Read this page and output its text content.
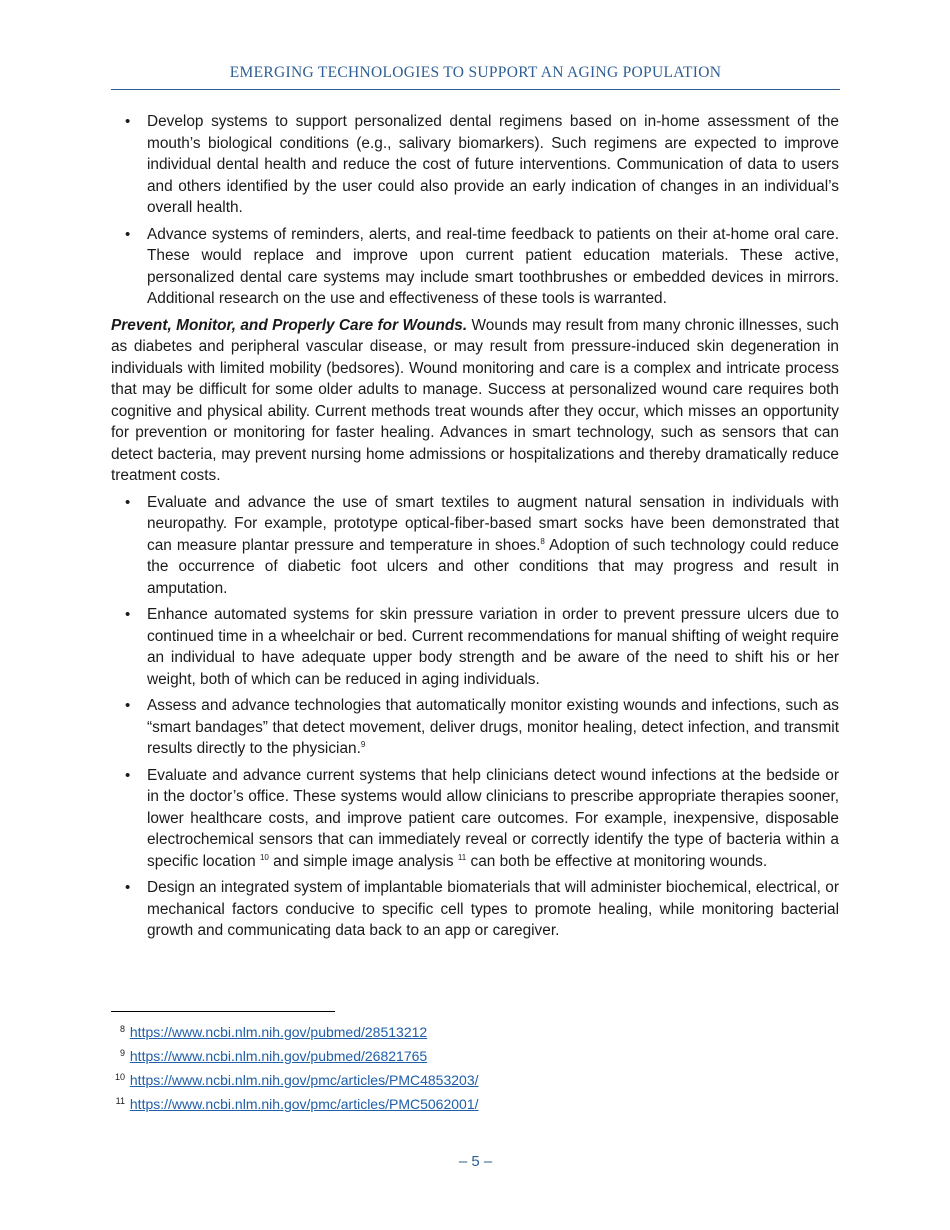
EMERGING TECHNOLOGIES TO SUPPORT AN AGING POPULATION
• Develop systems to support personalized dental regimens based on in-home assessment of the mouth’s biological conditions (e.g., salivary biomarkers). Such regimens are expected to improve individual dental health and reduce the cost of future interventions. Communication of data to users and others identified by the user could also provide an early indication of changes in an individual’s overall health.
• Advance systems of reminders, alerts, and real-time feedback to patients on their at-home oral care. These would replace and improve upon current patient education materials. These active, personalized dental care systems may include smart toothbrushes or embedded devices in mirrors. Additional research on the use and effectiveness of these tools is warranted.

Prevent, Monitor, and Properly Care for Wounds. Wounds may result from many chronic illnesses, such as diabetes and peripheral vascular disease, or may result from pressure-induced skin degeneration in individuals with limited mobility (bedsores). Wound monitoring and care is a complex and intricate process that may be difficult for some older adults to manage. Success at personalized wound care requires both cognitive and physical ability. Current methods treat wounds after they occur, which misses an opportunity for prevention or monitoring for faster healing. Advances in smart technology, such as sensors that can detect bacteria, may prevent nursing home admissions or hospitalizations and thereby dramatically reduce treatment costs.

• Evaluate and advance the use of smart textiles to augment natural sensation in individuals with neuropathy. For example, prototype optical-fiber-based smart socks have been demonstrated that can measure plantar pressure and temperature in shoes.$^8$ Adoption of such technology could reduce the occurrence of diabetic foot ulcers and other conditions that may progress and result in amputation.
• Enhance automated systems for skin pressure variation in order to prevent pressure ulcers due to continued time in a wheelchair or bed. Current recommendations for manual shifting of weight require an individual to have adequate upper body strength and be aware of the need to shift his or her weight, both of which can be reduced in aging individuals.
• Assess and advance technologies that automatically monitor existing wounds and infections, such as “smart bandages” that detect movement, deliver drugs, monitor healing, detect infection, and transmit results directly to the physician.$^9$
• Evaluate and advance current systems that help clinicians detect wound infections at the bedside or in the doctor’s office. These systems would allow clinicians to prescribe appropriate therapies sooner, lower healthcare costs, and improve patient care outcomes. For example, inexpensive, disposable electrochemical sensors that can immediately reveal or correctly identify the type of bacteria within a specific location $^{10}$ and simple image analysis $^{11}$ can both be effective at monitoring wounds.
• Design an integrated system of implantable biomaterials that will administer biochemical, electrical, or mechanical factors conducive to specific cell types to promote healing, while monitoring bacterial growth and communicating data back to an app or caregiver.
8 https://www.ncbi.nlm.nih.gov/pubmed/28513212
9 https://www.ncbi.nlm.nih.gov/pubmed/26821765
10 https://www.ncbi.nlm.nih.gov/pmc/articles/PMC4853203/
11 https://www.ncbi.nlm.nih.gov/pmc/articles/PMC5062001/
– 5 –
